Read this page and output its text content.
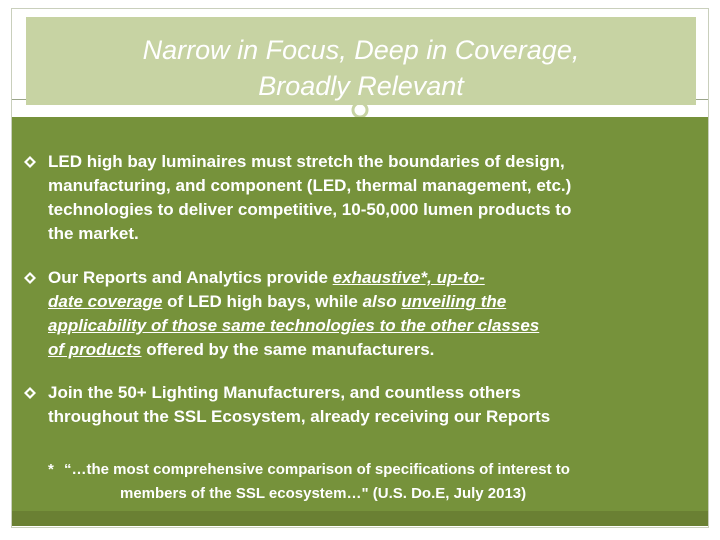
Narrow in Focus, Deep in Coverage,
Broadly Relevant
LED high bay luminaires must stretch the boundaries of design,
manufacturing, and component (LED, thermal management, etc.)
technologies to deliver competitive, 10-50,000 lumen products to
the market.
Our Reports and Analytics provide exhaustive*, up-to-
date coverage of LED high bays, while also unveiling the
applicability of those same technologies to the other classes
of products offered by the same manufacturers.
Join the 50+ Lighting Manufacturers, and countless others
throughout the SSL Ecosystem, already receiving our Reports
* “…the most comprehensive comparison of specifications of interest to
members of the SSL ecosystem…" (U.S. Do.E, July 2013)
